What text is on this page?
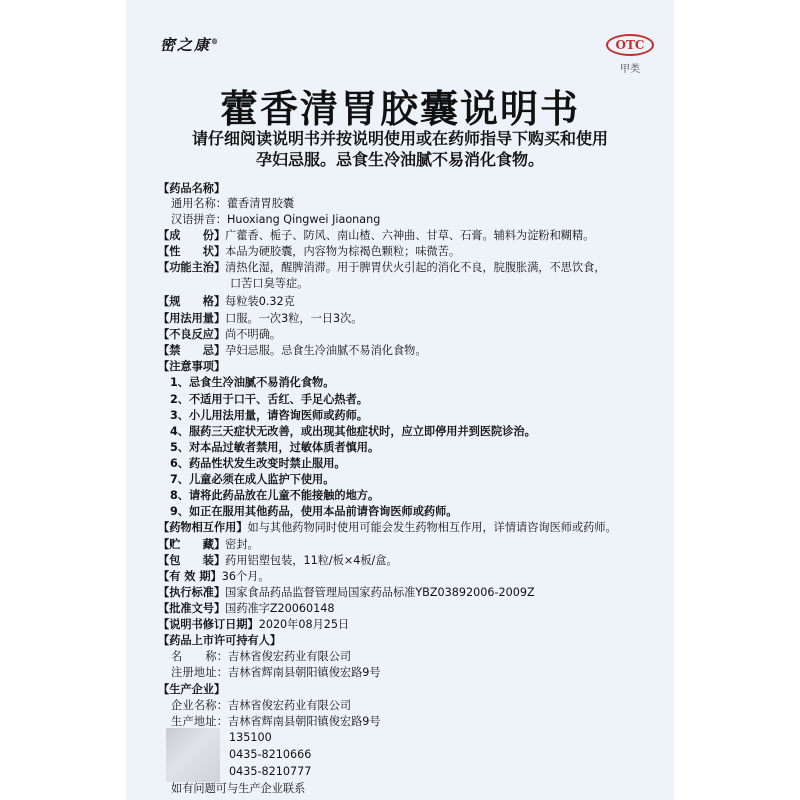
密之康®	OTC
甲类
藿香清胃胶囊说明书
请仔细阅读说明书并按说明使用或在药师指导下购买和使用
孕妇忌服。忌食生冷油腻不易消化食物。
【药品名称】
通用名称：藿香清胃胶囊
汉语拼音：Huoxiang Qingwei Jiaonang
【成　　份】广藿香、栀子、防风、南山楂、六神曲、甘草、石膏。辅料为淀粉和糊精。
【性　　状】本品为硬胶囊，内容物为棕褐色颗粒；味微苦。
【功能主治】清热化湿，醒脾消滞。用于脾胃伏火引起的消化不良，脘腹胀满，不思饮食，
口苦口臭等症。
【规　　格】每粒装0.32克
【用法用量】口服。一次3粒，一日3次。
【不良反应】尚不明确。
【禁　　忌】孕妇忌服。忌食生冷油腻不易消化食物。
【注意事项】
1、忌食生冷油腻不易消化食物。
2、不适用于口干、舌红、手足心热者。
3、小儿用法用量，请咨询医师或药师。
4、服药三天症状无改善，或出现其他症状时，应立即停用并到医院诊治。
5、对本品过敏者禁用，过敏体质者慎用。
6、药品性状发生改变时禁止服用。
7、儿童必须在成人监护下使用。
8、请将此药品放在儿童不能接触的地方。
9、如正在服用其他药品，使用本品前请咨询医师或药师。
【药物相互作用】如与其他药物同时使用可能会发生药物相互作用，详情请咨询医师或药师。
【贮　　藏】密封。
【包　　装】药用铝塑包装，11粒/板×4板/盒。
【有 效 期】36个月。
【执行标准】国家食品药品监督管理局国家药品标准YBZ03892006-2009Z
【批准文号】国药准字Z20060148
【说明书修订日期】2020年08月25日
【药品上市许可持有人】
名　　称：吉林省俊宏药业有限公司
注册地址：吉林省辉南县朝阳镇俊宏路9号
【生产企业】
企业名称：吉林省俊宏药业有限公司
生产地址：吉林省辉南县朝阳镇俊宏路9号
135100
0435-8210666
0435-8210777
如有问题可与生产企业联系
